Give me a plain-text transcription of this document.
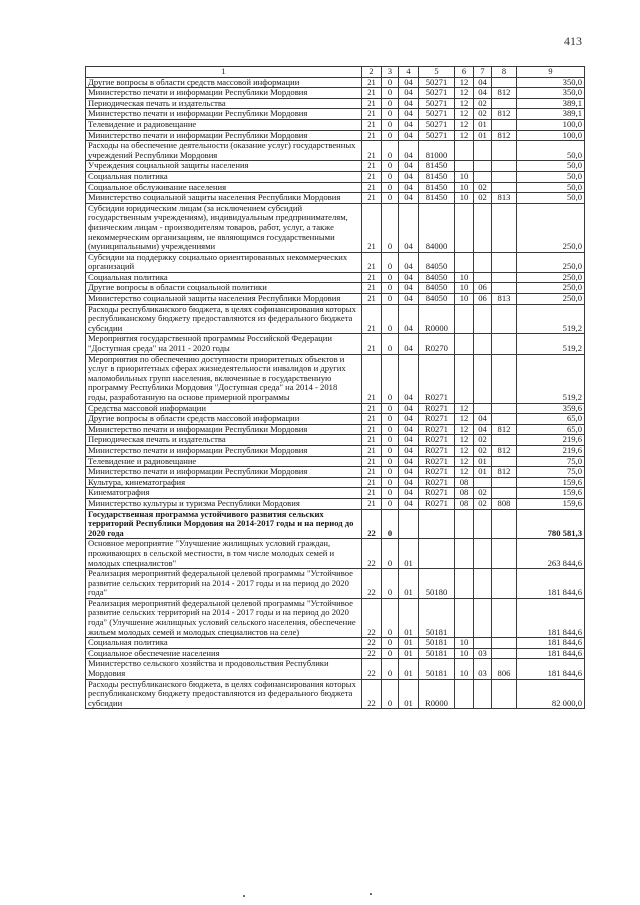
413
1	2	3	4	5	6	7	8	9
Другие вопросы в области средств массовой информации	21	0	04	50271	12	04		350,0
Министерство печати и информации Республики Мордовия	21	0	04	50271	12	04	812	350,0
Периодическая печать и издательства	21	0	04	50271	12	02		389,1
Министерство печати и информации Республики Мордовия	21	0	04	50271	12	02	812	389,1
Телевидение и радиовещание	21	0	04	50271	12	01		100,0
Министерство печати и информации Республики Мордовия	21	0	04	50271	12	01	812	100,0
Расходы на обеспечение деятельности (оказание услуг) государственных учреждений Республики Мордовия	21	0	04	81000				50,0
Учреждения социальной защиты населения	21	0	04	81450				50,0
Социальная политика	21	0	04	81450	10			50,0
Социальное обслуживание населения	21	0	04	81450	10	02		50,0
Министерство социальной защиты населения Республики Мордовия	21	0	04	81450	10	02	813	50,0
Субсидии юридическим лицам (за исключением субсидий государственным учреждениям), индивидуальным предпринимателям, физическим лицам - производителям товаров, работ, услуг, а также некоммерческим организациям, не являющимся государственными (муниципальными) учреждениями	21	0	04	84000				250,0
Субсидии на поддержку социально ориентированных некоммерческих организаций	21	0	04	84050				250,0
Социальная политика	21	0	04	84050	10			250,0
Другие вопросы в области социальной политики	21	0	04	84050	10	06		250,0
Министерство социальной защиты населения Республики Мордовия	21	0	04	84050	10	06	813	250,0
Расходы республиканского бюджета, в целях софинансирования которых республиканскому бюджету предоставляются из федерального бюджета субсидии	21	0	04	R0000				519,2
Мероприятия государственной программы Российской Федерации "Доступная среда" на 2011 - 2020 годы	21	0	04	R0270				519,2
Мероприятия по обеспечению доступности приоритетных объектов и услуг в приоритетных сферах жизнедеятельности инвалидов и других маломобильных групп населения, включенные в государственную программу Республики Мордовия "Доступная среда" на 2014 - 2018 годы, разработанную на основе примерной программы	21	0	04	R0271				519,2
Средства массовой информации	21	0	04	R0271	12			359,6
Другие вопросы в области средств массовой информации	21	0	04	R0271	12	04		65,0
Министерство печати и информации Республики Мордовия	21	0	04	R0271	12	04	812	65,0
Периодическая печать и издательства	21	0	04	R0271	12	02		219,6
Министерство печати и информации Республики Мордовия	21	0	04	R0271	12	02	812	219,6
Телевидение и радиовещание	21	0	04	R0271	12	01		75,0
Министерство печати и информации Республики Мордовия	21	0	04	R0271	12	01	812	75,0
Культура, кинематография	21	0	04	R0271	08			159,6
Кинематография	21	0	04	R0271	08	02		159,6
Министерство культуры и туризма Республики Мордовия	21	0	04	R0271	08	02	808	159,6
Государственная программа устойчивого развития сельских территорий Республики Мордовия на 2014-2017 годы и на период до 2020 года	22	0						780 581,3
Основное мероприятие "Улучшение жилищных условий граждан, проживающих в сельской местности, в том числе молодых семей и молодых специалистов"	22	0	01					263 844,6
Реализация мероприятий федеральной целевой программы "Устойчивое развитие сельских территорий на 2014 - 2017 годы и на период до 2020 года"	22	0	01	50180				181 844,6
Реализация мероприятий федеральной целевой программы "Устойчивое развитие сельских территорий на 2014 - 2017 годы и на период до 2020 года" (Улучшение жилищных условий сельского населения, обеспечение жильем молодых семей и молодых специалистов на селе)	22	0	01	50181				181 844,6
Социальная политика	22	0	01	50181	10			181 844,6
Социальное обеспечение населения	22	0	01	50181	10	03		181 844,6
Министерство сельского хозяйства и продовольствия Республики Мордовия	22	0	01	50181	10	03	806	181 844,6
Расходы республиканского бюджета, в целях софинансирования которых республиканскому бюджету предоставляются из федерального бюджета субсидии	22	0	01	R0000				82 000,0
